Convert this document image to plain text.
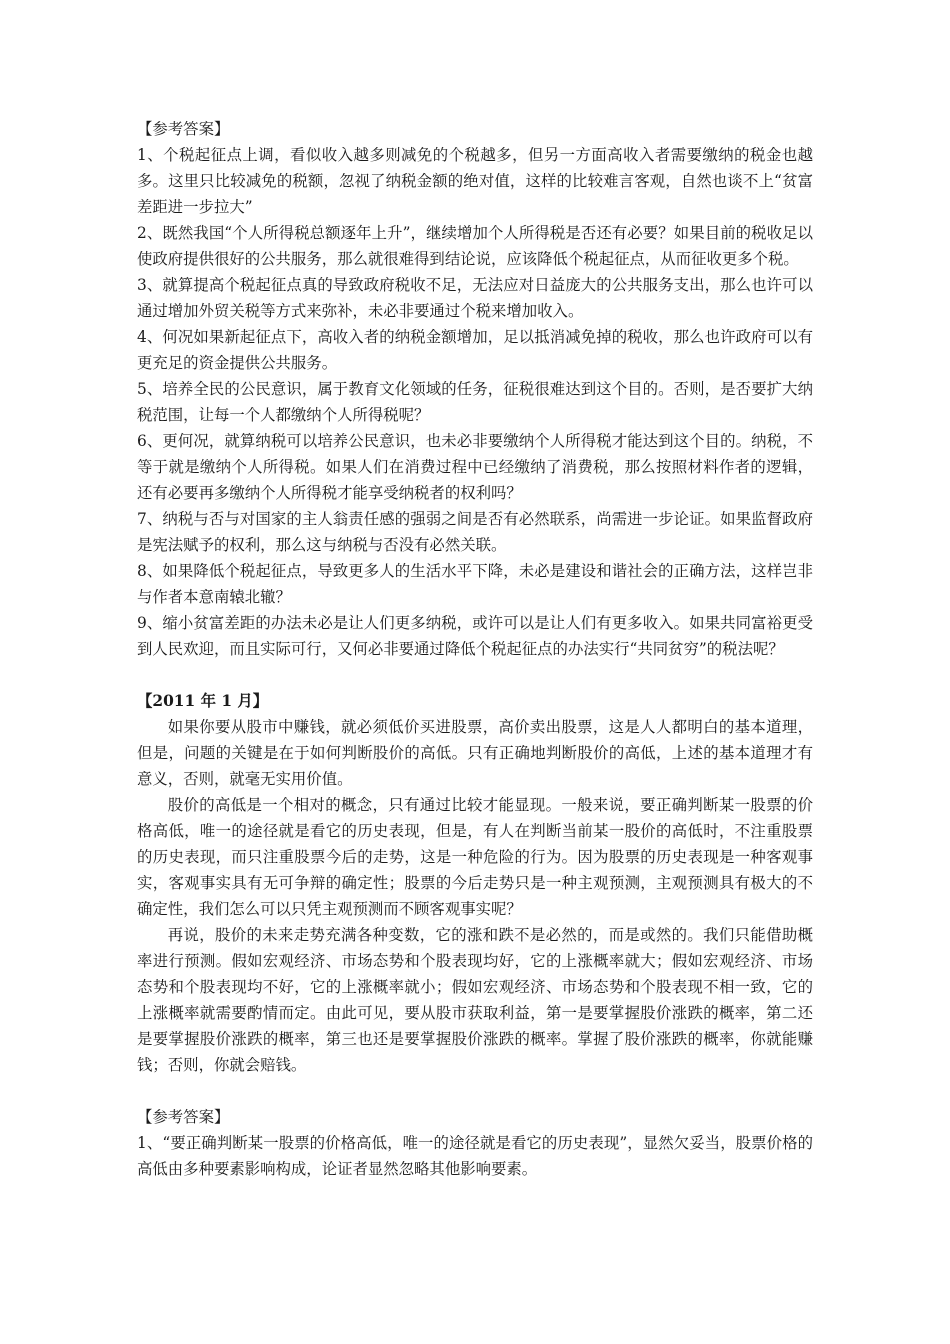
【参考答案】

1、个税起征点上调，看似收入越多则减免的个税越多，但另一方面高收入者需要缴纳的税金也越多。这里只比较减免的税额，忽视了纳税金额的绝对值，这样的比较难言客观，自然也谈不上“贫富差距进一步拉大”

2、既然我国“个人所得税总额逐年上升”，继续增加个人所得税是否还有必要？如果目前的税收足以使政府提供很好的公共服务，那么就很难得到结论说，应该降低个税起征点，从而征收更多个税。

3、就算提高个税起征点真的导致政府税收不足，无法应对日益庞大的公共服务支出，那么也许可以通过增加外贸关税等方式来弥补，未必非要通过个税来增加收入。

4、何况如果新起征点下，高收入者的纳税金额增加，足以抵消减免掉的税收，那么也许政府可以有更充足的资金提供公共服务。

5、培养全民的公民意识，属于教育文化领域的任务，征税很难达到这个目的。否则，是否要扩大纳税范围，让每一个人都缴纳个人所得税呢？

6、更何况，就算纳税可以培养公民意识，也未必非要缴纳个人所得税才能达到这个目的。纳税，不等于就是缴纳个人所得税。如果人们在消费过程中已经缴纳了消费税，那么按照材料作者的逻辑，还有必要再多缴纳个人所得税才能享受纳税者的权利吗？

7、纳税与否与对国家的主人翁责任感的强弱之间是否有必然联系，尚需进一步论证。如果监督政府是宪法赋予的权利，那么这与纳税与否没有必然关联。

8、如果降低个税起征点，导致更多人的生活水平下降，未必是建设和谐社会的正确方法，这样岂非与作者本意南辕北辙？

9、缩小贫富差距的办法未必是让人们更多纳税，或许可以是让人们有更多收入。如果共同富裕更受到人民欢迎，而且实际可行，又何必非要通过降低个税起征点的办法实行“共同贫穷”的税法呢？

【2011 年 1 月】

如果你要从股市中赚钱，就必须低价买进股票，高价卖出股票，这是人人都明白的基本道理，但是，问题的关键是在于如何判断股价的高低。只有正确地判断股价的高低，上述的基本道理才有意义，否则，就毫无实用价值。

股价的高低是一个相对的概念，只有通过比较才能显现。一般来说，要正确判断某一股票的价格高低，唯一的途径就是看它的历史表现，但是，有人在判断当前某一股价的高低时，不注重股票的历史表现，而只注重股票今后的走势，这是一种危险的行为。因为股票的历史表现是一种客观事实，客观事实具有无可争辩的确定性；股票的今后走势只是一种主观预测，主观预测具有极大的不确定性，我们怎么可以只凭主观预测而不顾客观事实呢？

再说，股价的未来走势充满各种变数，它的涨和跌不是必然的，而是或然的。我们只能借助概率进行预测。假如宏观经济、市场态势和个股表现均好，它的上涨概率就大；假如宏观经济、市场态势和个股表现均不好，它的上涨概率就小；假如宏观经济、市场态势和个股表现不相一致，它的上涨概率就需要酌情而定。由此可见，要从股市获取利益，第一是要掌握股价涨跌的概率，第二还是要掌握股价涨跌的概率，第三也还是要掌握股价涨跌的概率。掌握了股价涨跌的概率，你就能赚钱；否则，你就会赔钱。

【参考答案】

1、“要正确判断某一股票的价格高低，唯一的途径就是看它的历史表现”，显然欠妥当，股票价格的高低由多种要素影响构成，论证者显然忽略其他影响要素。
